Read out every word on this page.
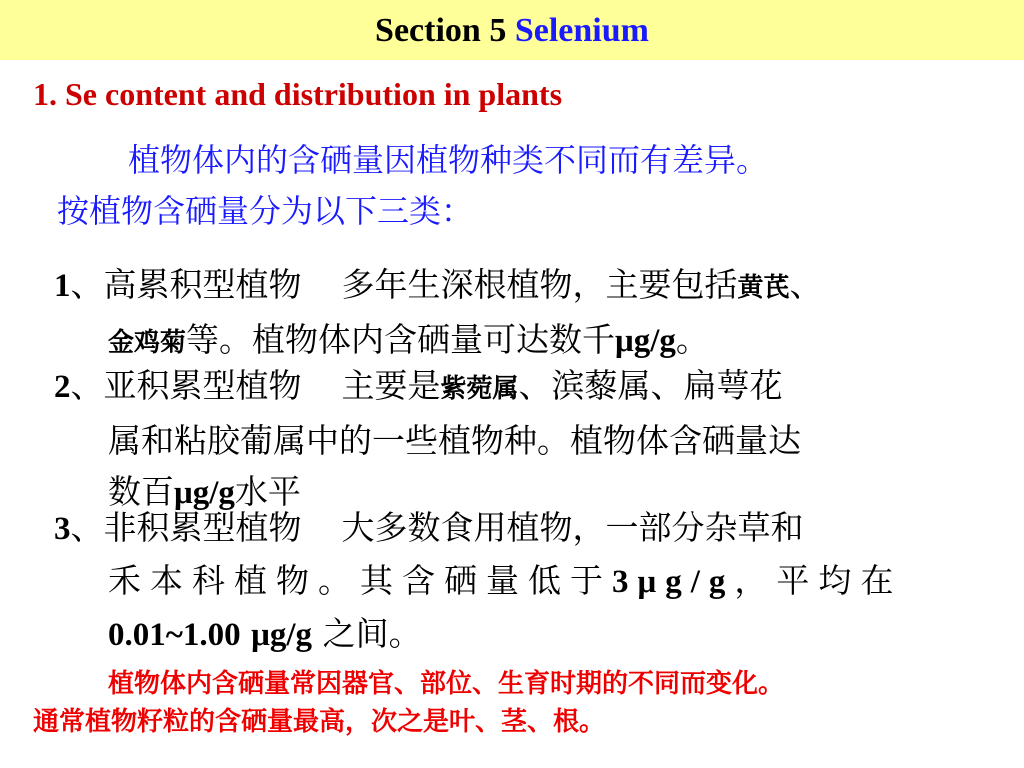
Section 5 Selenium
1. Se content and distribution in plants
植物体内的含硒量因植物种类不同而有差异。
按植物含硒量分为以下三类：
1、高累积型植物 多年生深根植物，主要包括黄芪、
金鸡菊等。植物体内含硒量可达数千μg/g。
2、亚积累型植物 主要是紫菀属、滨藜属、扁萼花
属和粘胶葡属中的一些植物种。植物体含硒量达
数百μg/g水平
3、非积累型植物 大多数食用植物，一部分杂草和
禾本科植物。其含硒量低于3μg/g，平均在
0.01~1.00 μg/g 之间。
植物体内含硒量常因器官、部位、生育时期的不同而变化。
通常植物籽粒的含硒量最高，次之是叶、茎、根。
